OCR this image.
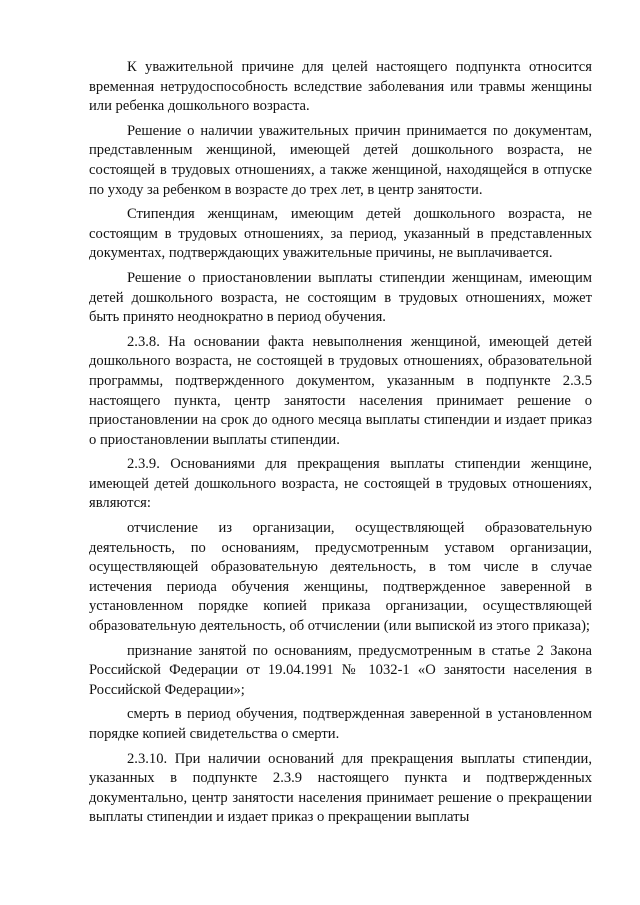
К уважительной причине для целей настоящего подпункта относится временная нетрудоспособность вследствие заболевания или травмы женщины или ребенка дошкольного возраста.

Решение о наличии уважительных причин принимается по документам, представленным женщиной, имеющей детей дошкольного возраста, не состоящей в трудовых отношениях, а также женщиной, находящейся в отпуске по уходу за ребенком в возрасте до трех лет, в центр занятости.

Стипендия женщинам, имеющим детей дошкольного возраста, не состоящим в трудовых отношениях, за период, указанный в представленных документах, подтверждающих уважительные причины, не выплачивается.

Решение о приостановлении выплаты стипендии женщинам, имеющим детей дошкольного возраста, не состоящим в трудовых отношениях, может быть принято неоднократно в период обучения.

2.3.8. На основании факта невыполнения женщиной, имеющей детей дошкольного возраста, не состоящей в трудовых отношениях, образовательной программы, подтвержденного документом, указанным в подпункте 2.3.5 настоящего пункта, центр занятости населения принимает решение о приостановлении на срок до одного месяца выплаты стипендии и издает приказ о приостановлении выплаты стипендии.

2.3.9. Основаниями для прекращения выплаты стипендии женщине, имеющей детей дошкольного возраста, не состоящей в трудовых отношениях, являются:

отчисление из организации, осуществляющей образовательную деятельность, по основаниям, предусмотренным уставом организации, осуществляющей образовательную деятельность, в том числе в случае истечения периода обучения женщины, подтвержденное заверенной в установленном порядке копией приказа организации, осуществляющей образовательную деятельность, об отчислении (или выпиской из этого приказа);

признание занятой по основаниям, предусмотренным в статье 2 Закона Российской Федерации от 19.04.1991 № 1032-1 «О занятости населения в Российской Федерации»;

смерть в период обучения, подтвержденная заверенной в установленном порядке копией свидетельства о смерти.

2.3.10. При наличии оснований для прекращения выплаты стипендии, указанных в подпункте 2.3.9 настоящего пункта и подтвержденных документально, центр занятости населения принимает решение о прекращении выплаты стипендии и издает приказ о прекращении выплаты
